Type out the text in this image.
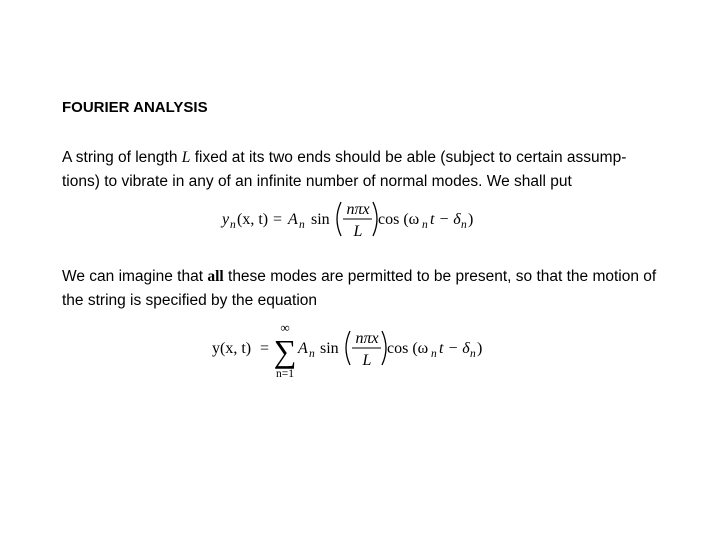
FOURIER ANALYSIS
A string of length L fixed at its two ends should be able (subject to certain assump-tions) to vibrate in any of an infinite number of normal modes. We shall put
y n (x, t) = A n sin
nπx
L
cos (ω n t − δ n )
We can imagine that all these modes are permitted to be present, so that the motion of the string is specified by the equation
y(x, t) =
∞
∑
n=1
A n sin
nπx
L
cos (ω n t − δ n )
